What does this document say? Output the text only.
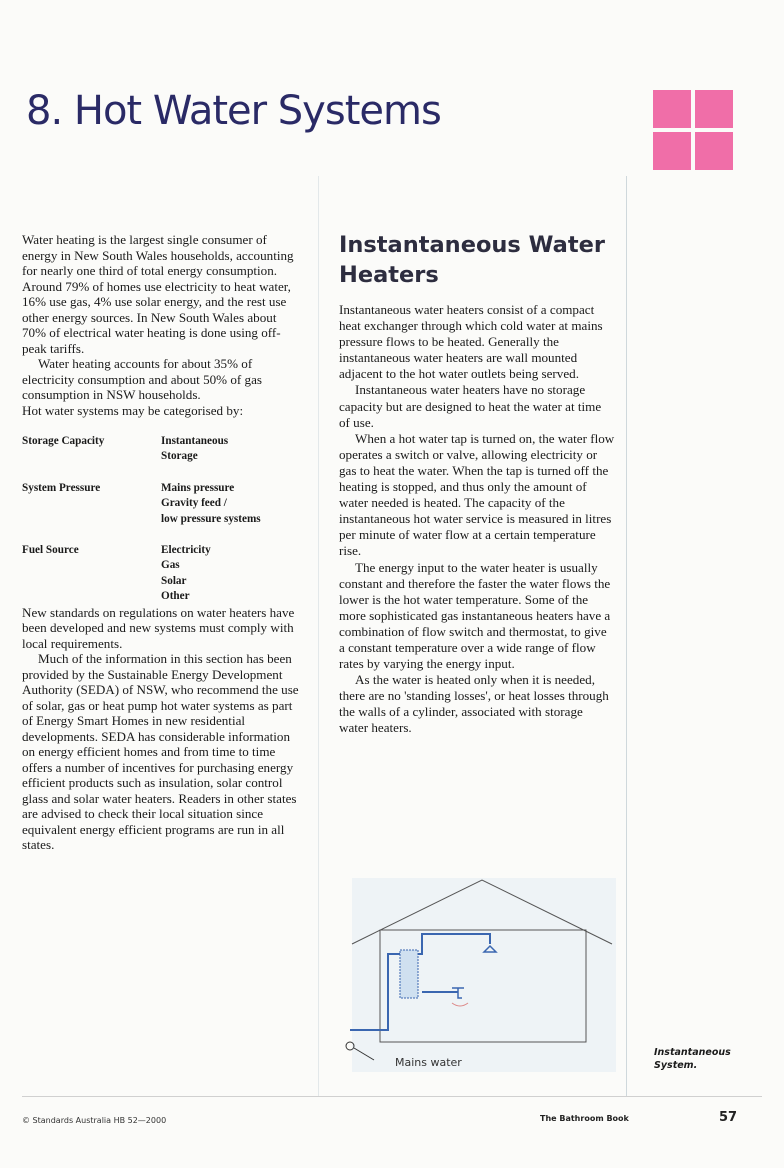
8. Hot Water Systems

Water heating is the largest single consumer of energy in New South Wales households, accounting for nearly one third of total energy consumption. Around 79% of homes use electricity to heat water, 16% use gas, 4% use solar energy, and the rest use other energy sources. In New South Wales about 70% of electrical water heating is done using off-peak tariffs.

Water heating accounts for about 35% of electricity consumption and about 50% of gas consumption in NSW households.

Hot water systems may be categorised by:

Storage Capacity	Instantaneous
Storage
System Pressure	Mains pressure
Gravity feed /
low pressure systems
Fuel Source	Electricity
Gas
Solar
Other

New standards on regulations on water heaters have been developed and new systems must comply with local requirements.

Much of the information in this section has been provided by the Sustainable Energy Development Authority (SEDA) of NSW, who recommend the use of solar, gas or heat pump hot water systems as part of Energy Smart Homes in new residential developments. SEDA has considerable information on energy efficient homes and from time to time offers a number of incentives for purchasing energy efficient products such as insulation, solar control glass and solar water heaters. Readers in other states are advised to check their local situation since equivalent energy efficient programs are run in all states.

Instantaneous Water Heaters

Instantaneous water heaters consist of a compact heat exchanger through which cold water at mains pressure flows to be heated. Generally the instantaneous water heaters are wall mounted adjacent to the hot water outlets being served.

Instantaneous water heaters have no storage capacity but are designed to heat the water at time of use.

When a hot water tap is turned on, the water flow operates a switch or valve, allowing electricity or gas to heat the water. When the tap is turned off the heating is stopped, and thus only the amount of water needed is heated. The capacity of the instantaneous hot water service is measured in litres per minute of water flow at a certain temperature rise.

The energy input to the water heater is usually constant and therefore the faster the water flows the lower is the hot water temperature. Some of the more sophisticated gas instantaneous heaters have a combination of flow switch and thermostat, to give a constant temperature over a wide range of flow rates by varying the energy input.

As the water is heated only when it is needed, there are no 'standing losses', or heat losses through the walls of a cylinder, associated with storage water heaters.

Mains water
Instantaneous System.
© Standards Australia HB 52—2000	The Bathroom Book	57
